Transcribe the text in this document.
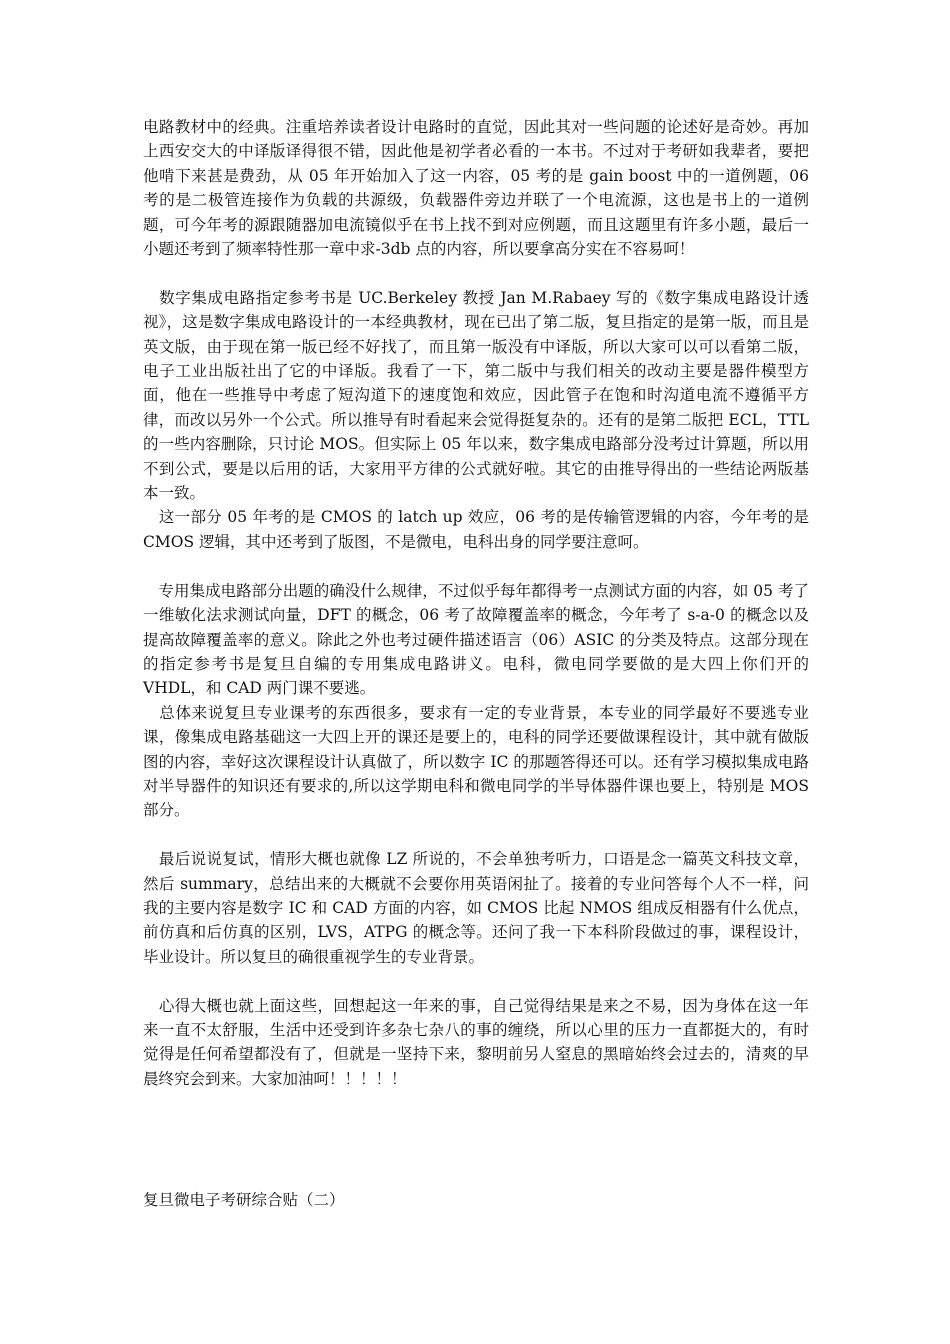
电路教材中的经典。注重培养读者设计电路时的直觉，因此其对一些问题的论述好是奇妙。再加上西安交大的中译版译得很不错，因此他是初学者必看的一本书。不过对于考研如我辈者，要把他啃下来甚是费劲，从 05 年开始加入了这一内容，05 考的是 gain boost 中的一道例题，06 考的是二极管连接作为负载的共源级，负载器件旁边并联了一个电流源，这也是书上的一道例题，可今年考的源跟随器加电流镜似乎在书上找不到对应例题，而且这题里有许多小题，最后一小题还考到了频率特性那一章中求-3db 点的内容，所以要拿高分实在不容易呵！

　数字集成电路指定参考书是 UC.Berkeley 教授 Jan M.Rabaey 写的《数字集成电路设计透视》，这是数字集成电路设计的一本经典教材，现在已出了第二版，复旦指定的是第一版，而且是英文版，由于现在第一版已经不好找了，而且第一版没有中译版，所以大家可以可以看第二版，电子工业出版社出了它的中译版。我看了一下，第二版中与我们相关的改动主要是器件模型方面，他在一些推导中考虑了短沟道下的速度饱和效应，因此管子在饱和时沟道电流不遵循平方律，而改以另外一个公式。所以推导有时看起来会觉得挺复杂的。还有的是第二版把 ECL，TTL 的一些内容删除，只讨论 MOS。但实际上 05 年以来，数字集成电路部分没考过计算题，所以用不到公式，要是以后用的话，大家用平方律的公式就好啦。其它的由推导得出的一些结论两版基本一致。

　这一部分 05 年考的是 CMOS 的 latch up 效应，06 考的是传输管逻辑的内容，今年考的是 CMOS 逻辑，其中还考到了版图，不是微电，电科出身的同学要注意呵。

　专用集成电路部分出题的确没什么规律，不过似乎每年都得考一点测试方面的内容，如 05 考了一维敏化法求测试向量，DFT 的概念，06 考了故障覆盖率的概念，今年考了 s-a-0 的概念以及提高故障覆盖率的意义。除此之外也考过硬件描述语言（06）ASIC 的分类及特点。这部分现在的指定参考书是复旦自编的专用集成电路讲义。电科，微电同学要做的是大四上你们开的 VHDL，和 CAD 两门课不要逃。

　总体来说复旦专业课考的东西很多，要求有一定的专业背景，本专业的同学最好不要逃专业课，像集成电路基础这一大四上开的课还是要上的，电科的同学还要做课程设计，其中就有做版图的内容，幸好这次课程设计认真做了，所以数字 IC 的那题答得还可以。还有学习模拟集成电路对半导器件的知识还有要求的,所以这学期电科和微电同学的半导体器件课也要上，特别是 MOS 部分。

　最后说说复试，情形大概也就像 LZ 所说的，不会单独考听力，口语是念一篇英文科技文章，然后 summary，总结出来的大概就不会要你用英语闲扯了。接着的专业问答每个人不一样，问我的主要内容是数字 IC 和 CAD 方面的内容，如 CMOS 比起 NMOS 组成反相器有什么优点，前仿真和后仿真的区别，LVS，ATPG 的概念等。还问了我一下本科阶段做过的事，课程设计，毕业设计。所以复旦的确很重视学生的专业背景。

　心得大概也就上面这些，回想起这一年来的事，自己觉得结果是来之不易，因为身体在这一年来一直不太舒服，生活中还受到许多杂七杂八的事的缠绕，所以心里的压力一直都挺大的，有时觉得是任何希望都没有了，但就是一坚持下来，黎明前另人窒息的黑暗始终会过去的，清爽的早晨终究会到来。大家加油呵！！！！！

复旦微电子考研综合贴（二）
